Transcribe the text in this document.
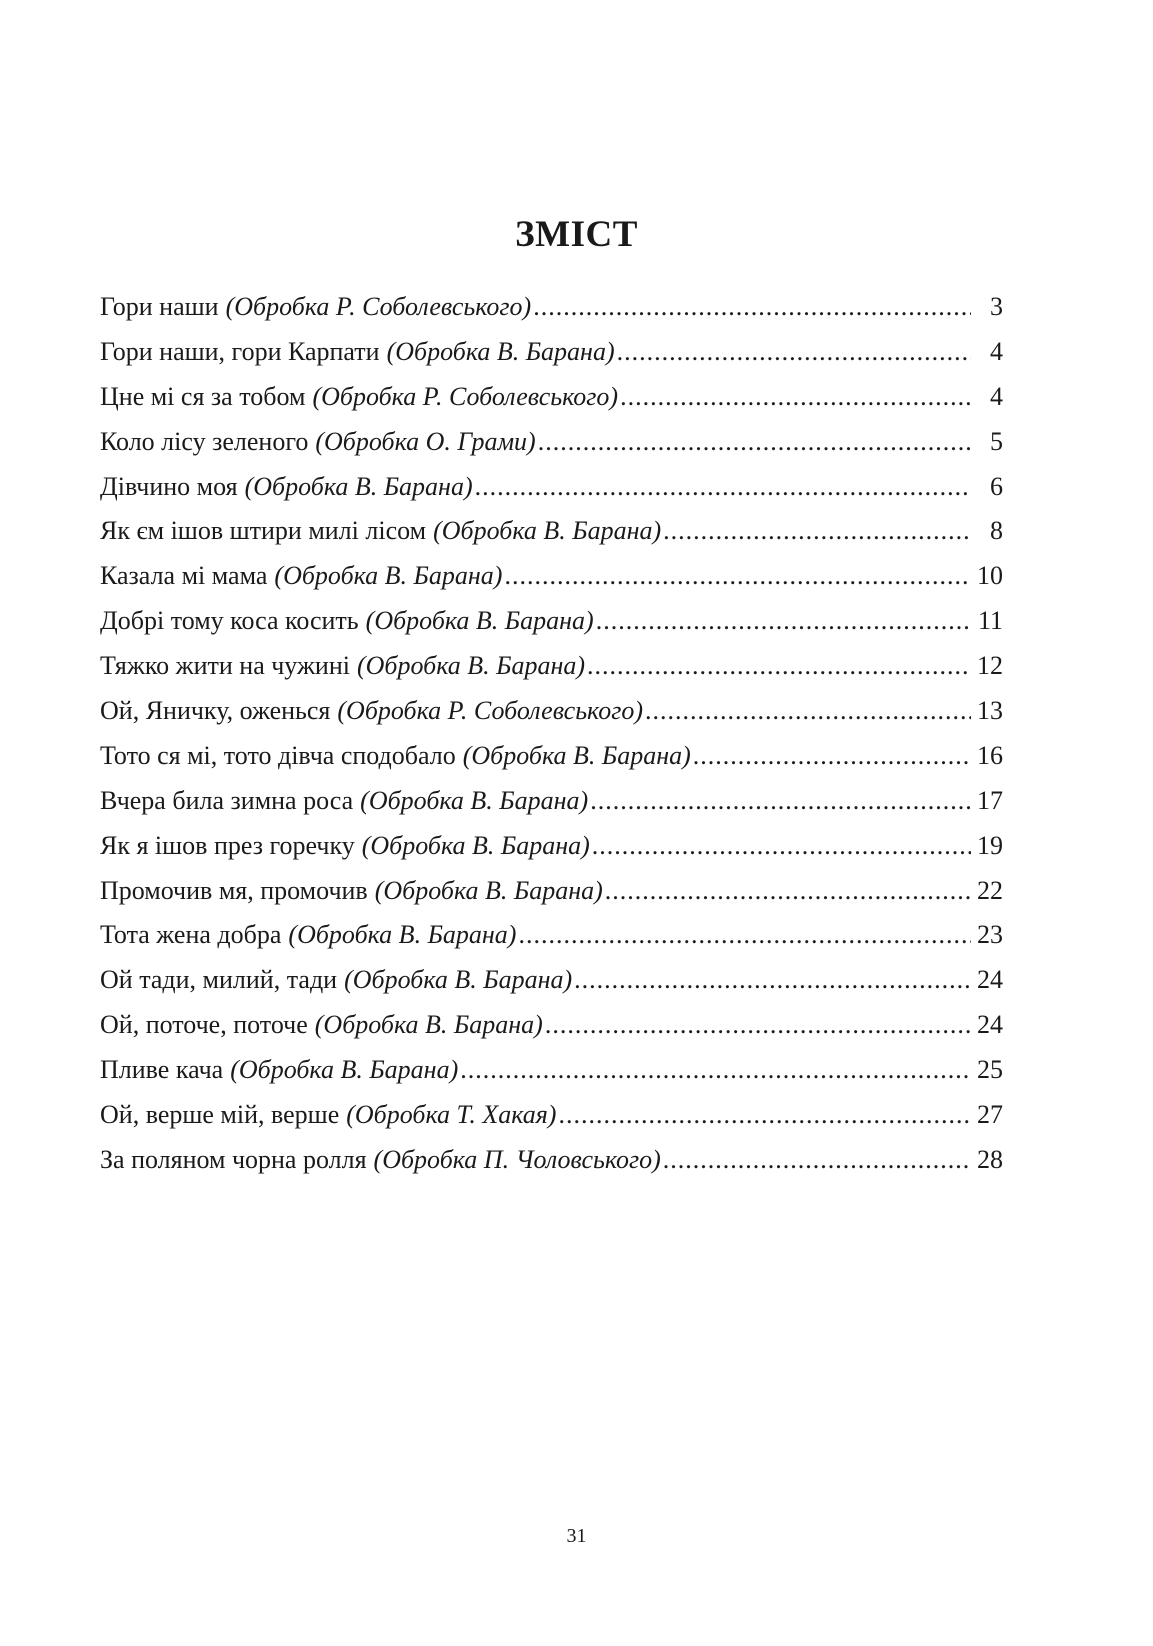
ЗМІСТ
Гори наши (Обробка Р. Соболевського) .....	3
Гори наши, гори Карпати (Обробка В. Барана) .....	4
Цне мі ся за тобом (Обробка Р. Соболевського) .....	4
Коло лісу зеленого (Обробка О. Грами) .....	5
Дівчино моя (Обробка В. Барана) .....	6
Як єм ішов штири милі лісом (Обробка В. Барана) .....	8
Казала мі мама (Обробка В. Барана) .....	10
Добрі тому коса косить (Обробка В. Барана) .....	11
Тяжко жити на чужині (Обробка В. Барана) .....	12
Ой, Яничку, оженься (Обробка Р. Соболевського) .....	13
Тото ся мі, тото дівча сподобало (Обробка В. Барана) .....	16
Вчера била зимна роса (Обробка В. Барана) .....	17
Як я ішов през горечку (Обробка В. Барана) .....	19
Промочив мя, промочив (Обробка В. Барана) .....	22
Тота жена добра (Обробка В. Барана) .....	23
Ой тади, милий, тади (Обробка В. Барана) .....	24
Ой, поточе, поточе (Обробка В. Барана) .....	24
Пливе кача (Обробка В. Барана) .....	25
Ой, верше мій, верше (Обробка Т. Хакая) .....	27
За поляном чорна ролля (Обробка П. Чоловського) .....	28
31
